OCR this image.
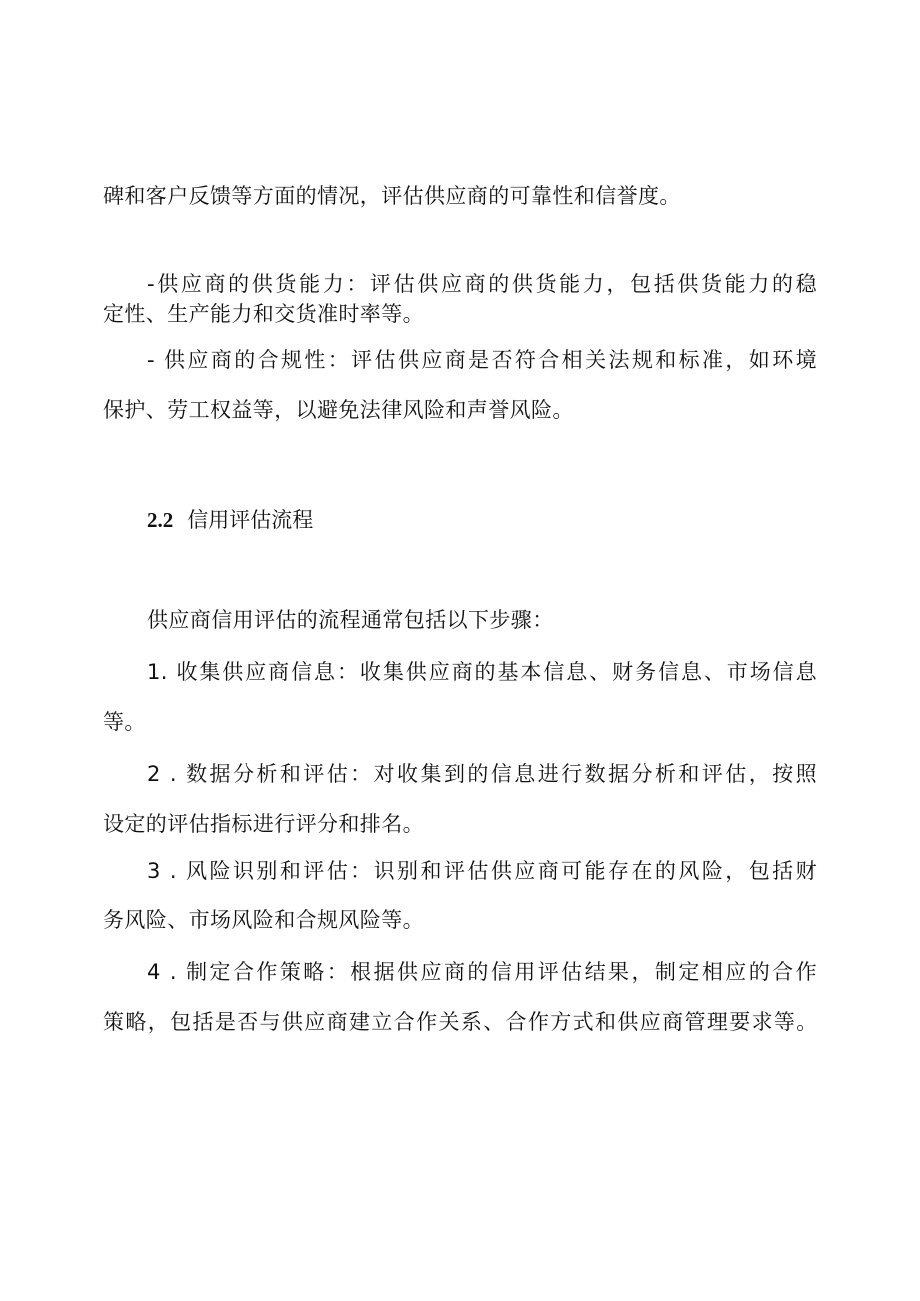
碑和客户反馈等方面的情况，评估供应商的可靠性和信誉度。
-供应商的供货能力：评估供应商的供货能力，包括供货能力的稳
定性、生产能力和交货准时率等。
- 供应商的合规性：评估供应商是否符合相关法规和标准，如环境
保护、劳工权益等，以避免法律风险和声誉风险。
2.2 信用评估流程
供应商信用评估的流程通常包括以下步骤：
1. 收集供应商信息：收集供应商的基本信息、财务信息、市场信息
等。
2 . 数据分析和评估：对收集到的信息进行数据分析和评估，按照
设定的评估指标进行评分和排名。
3 . 风险识别和评估：识别和评估供应商可能存在的风险，包括财
务风险、市场风险和合规风险等。
4 . 制定合作策略：根据供应商的信用评估结果，制定相应的合作
策略，包括是否与供应商建立合作关系、合作方式和供应商管理要求等。
